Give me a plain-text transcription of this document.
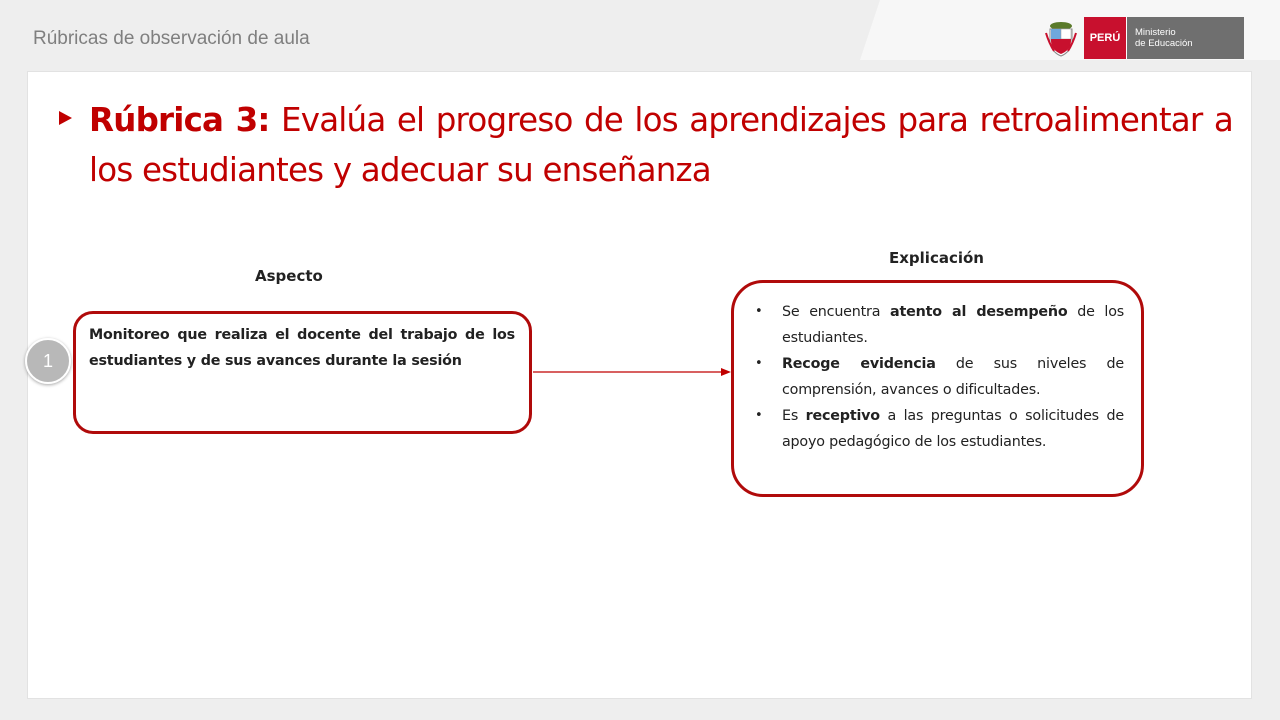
Rúbricas de observación de aula	PERÚ	Ministerio
de Educación
Rúbrica 3: Evalúa el progreso de los aprendizajes para retroalimentar a los estudiantes y adecuar su enseñanza
Aspecto
Explicación
Monitoreo que realiza el docente del trabajo de los estudiantes y de sus avances durante la sesión
1
• Se encuentra atento al desempeño de los estudiantes.
• Recoge evidencia de sus niveles de comprensión, avances o dificultades.
• Es receptivo a las preguntas o solicitudes de apoyo pedagógico de los estudiantes.
